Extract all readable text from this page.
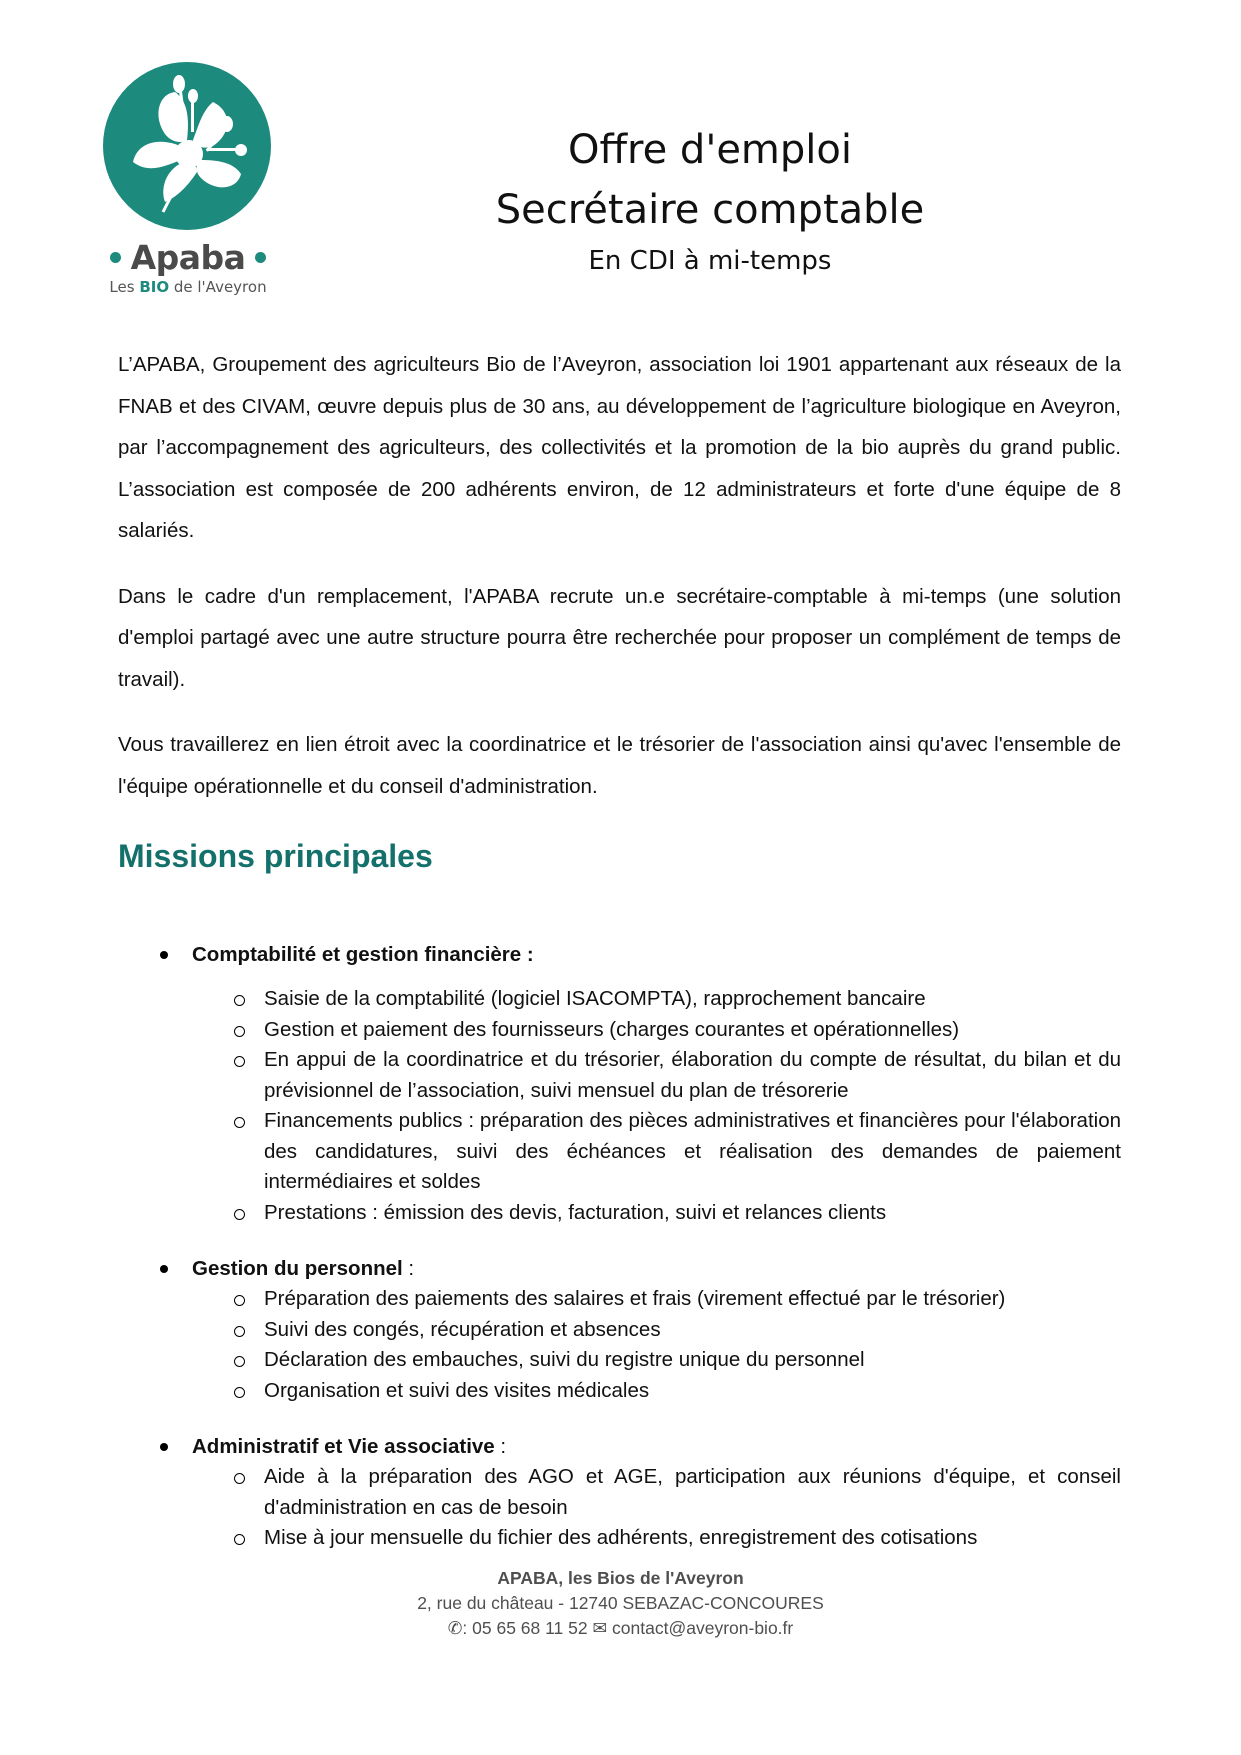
Apaba
Les BIO de l'Aveyron
Offre d'emploi
Secrétaire comptable
En CDI à mi-temps

L’APABA, Groupement des agriculteurs Bio de l’Aveyron, association loi 1901 appartenant aux réseaux de la FNAB et des CIVAM, œuvre depuis plus de 30 ans, au développement de l’agriculture biologique en Aveyron, par l’accompagnement des agriculteurs, des collectivités et la promotion de la bio auprès du grand public. L’association est composée de 200 adhérents environ, de 12 administrateurs et forte d'une équipe de 8 salariés.

Dans le cadre d'un remplacement, l'APABA recrute un.e secrétaire-comptable à mi-temps (une solution d'emploi partagé avec une autre structure pourra être recherchée pour proposer un complément de temps de travail).

Vous travaillerez en lien étroit avec la coordinatrice et le trésorier de l'association ainsi qu'avec l'ensemble de l'équipe opérationnelle et du conseil d'administration.

Missions principales
Comptabilité et gestion financière :
Saisie de la comptabilité (logiciel ISACOMPTA), rapprochement bancaire
Gestion et paiement des fournisseurs (charges courantes et opérationnelles)
En appui de la coordinatrice et du trésorier, élaboration du compte de résultat, du bilan et du prévisionnel de l’association, suivi mensuel du plan de trésorerie
Financements publics : préparation des pièces administratives et financières pour l'élaboration des candidatures, suivi des échéances et réalisation des demandes de paiement intermédiaires et soldes
Prestations : émission des devis, facturation, suivi et relances clients
Gestion du personnel :
Préparation des paiements des salaires et frais (virement effectué par le trésorier)
Suivi des congés, récupération et absences
Déclaration des embauches, suivi du registre unique du personnel
Organisation et suivi des visites médicales
Administratif et Vie associative :
Aide à la préparation des AGO et AGE, participation aux réunions d'équipe, et conseil d'administration en cas de besoin
Mise à jour mensuelle du fichier des adhérents, enregistrement des cotisations
APABA, les Bios de l'Aveyron
2, rue du château - 12740 SEBAZAC-CONCOURES
✆: 05 65 68 11 52 ✉ contact@aveyron-bio.fr
